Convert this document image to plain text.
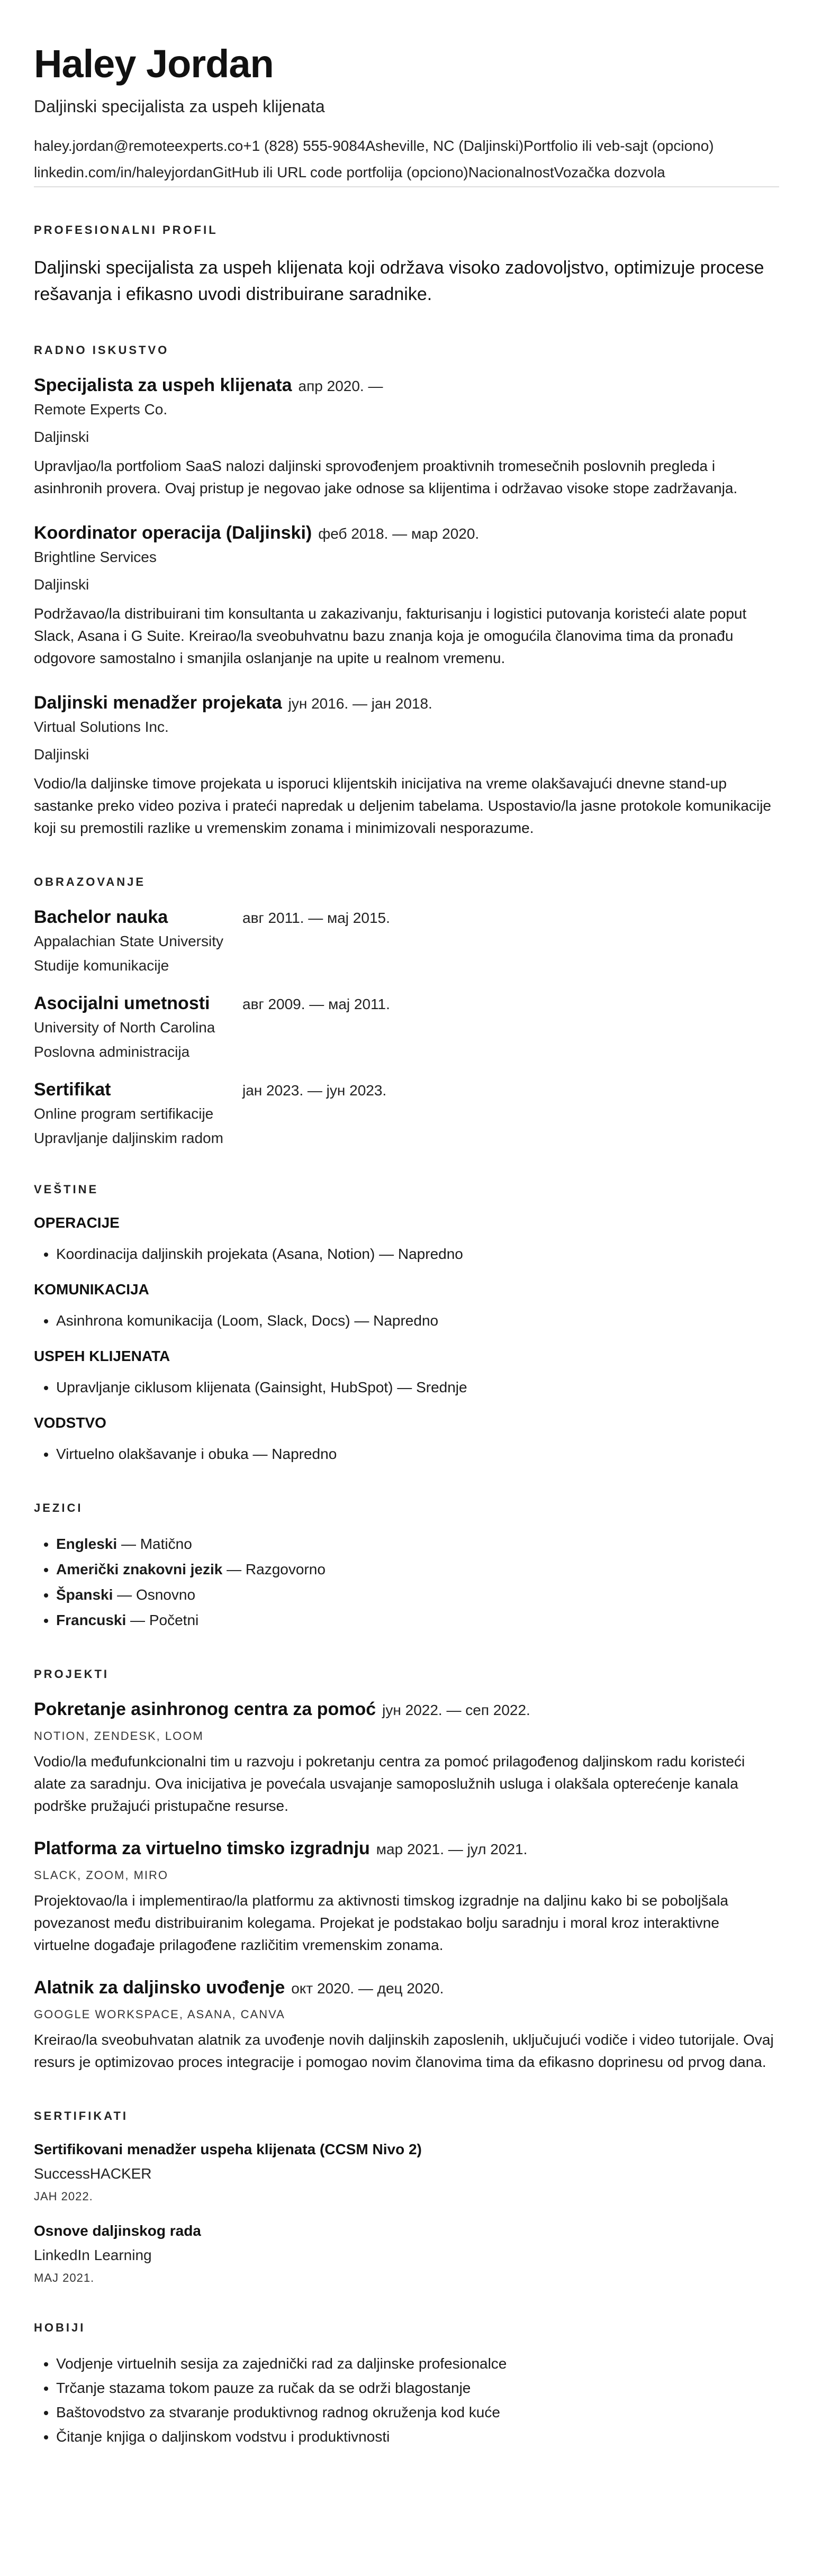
Haley Jordan
Daljinski specijalista za uspeh klijenata
haley.jordan@remoteexperts.co +1 (828) 555-9084 Asheville, NC (Daljinski) Portfolio ili veb-sajt (opciono)
linkedin.com/in/haleyjordan GitHub ili URL code portfolija (opciono) Nacionalnost Vozačka dozvola
PROFESIONALNI PROFIL
Daljinski specijalista za uspeh klijenata koji održava visoko zadovoljstvo, optimizuje procese rešavanja i efikasno uvodi distribuirane saradnike.
RADNO ISKUSTVO
Specijalista za uspeh klijenata апр 2020. —
Remote Experts Co.
Daljinski
Upravljao/la portfoliom SaaS nalozi daljinski sprovođenjem proaktivnih tromesečnih poslovnih pregleda i asinhronih provera. Ovaj pristup je negovao jake odnose sa klijentima i održavao visoke stope zadržavanja.
Koordinator operacija (Daljinski) феб 2018. — мар 2020.
Brightline Services
Daljinski
Podržavao/la distribuirani tim konsultanta u zakazivanju, fakturisanju i logistici putovanja koristeći alate poput Slack, Asana i G Suite. Kreirao/la sveobuhvatnu bazu znanja koja je omogućila članovima tima da pronađu odgovore samostalno i smanjila oslanjanje na upite u realnom vremenu.
Daljinski menadžer projekata јун 2016. — јан 2018.
Virtual Solutions Inc.
Daljinski
Vodio/la daljinske timove projekata u isporuci klijentskih inicijativa na vreme olakšavajući dnevne stand-up sastanke preko video poziva i prateći napredak u deljenim tabelama. Uspostavio/la jasne protokole komunikacije koji su premostili razlike u vremenskim zonama i minimizovali nesporazume.
OBRAZOVANJE
Bachelor nauka	авг 2011. — мај 2015.
Appalachian State University
Studije komunikacije
Asocijalni umetnosti	авг 2009. — мај 2011.
University of North Carolina
Poslovna administracija
Sertifikat	јан 2023. — јун 2023.
Online program sertifikacije
Upravljanje daljinskim radom
VEŠTINE
OPERACIJE
• Koordinacija daljinskih projekata (Asana, Notion) — Napredno
KOMUNIKACIJA
• Asinhrona komunikacija (Loom, Slack, Docs) — Napredno
USPEH KLIJENATA
• Upravljanje ciklusom klijenata (Gainsight, HubSpot) — Srednje
VODSTVO
• Virtuelno olakšavanje i obuka — Napredno
JEZICI
• Engleski — Matično
• Američki znakovni jezik — Razgovorno
• Španski — Osnovno
• Francuski — Početni
PROJEKTI
Pokretanje asinhronog centra za pomoć јун 2022. — сеп 2022.
NOTION, ZENDESK, LOOM
Vodio/la međufunkcionalni tim u razvoju i pokretanju centra za pomoć prilagođenog daljinskom radu koristeći alate za saradnju. Ova inicijativa je povećala usvajanje samoposlužnih usluga i olakšala opterećenje kanala podrške pružajući pristupačne resurse.
Platforma za virtuelno timsko izgradnju мар 2021. — јул 2021.
SLACK, ZOOM, MIRO
Projektovao/la i implementirao/la platformu za aktivnosti timskog izgradnje na daljinu kako bi se poboljšala povezanost među distribuiranim kolegama. Projekat je podstakao bolju saradnju i moral kroz interaktivne virtuelne događaje prilagođene različitim vremenskim zonama.
Alatnik za daljinsko uvođenje окт 2020. — дец 2020.
GOOGLE WORKSPACE, ASANA, CANVA
Kreirao/la sveobuhvatan alatnik za uvođenje novih daljinskih zaposlenih, uključujući vodiče i video tutorijale. Ovaj resurs je optimizovao proces integracije i pomogao novim članovima tima da efikasno doprinesu od prvog dana.
SERTIFIKATI
Sertifikovani menadžer uspeha klijenata (CCSM Nivo 2)
SuccessHACKER
JAH 2022.
Osnove daljinskog rada
LinkedIn Learning
MAJ 2021.
HOBIJI
• Vodjenje virtuelnih sesija za zajednički rad za daljinske profesionalce
• Trčanje stazama tokom pauze za ručak da se održi blagostanje
• Baštovodstvo za stvaranje produktivnog radnog okruženja kod kuće
• Čitanje knjiga o daljinskom vodstvu i produktivnosti
